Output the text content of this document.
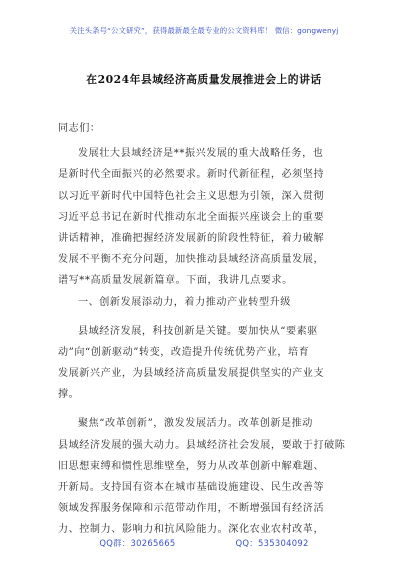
关注头条号“公文研究”，获得最新最全最专业的公文资料库！ 微信：gongwenyj
在2024年县域经济高质量发展推进会上的讲话
同志们：
发展壮大县域经济是**振兴发展的重大战略任务，也
是新时代全面振兴的必然要求。新时代新征程，必须坚持
以习近平新时代中国特色社会主义思想为引领，深入贯彻
习近平总书记在新时代推动东北全面振兴座谈会上的重要
讲话精神，准确把握经济发展新的阶段性特征，着力破解
发展不平衡不充分问题，加快推动县域经济高质量发展，
谱写**高质量发展新篇章。下面，我讲几点要求。
一、创新发展添动力，着力推动产业转型升级
县域经济发展，科技创新是关键。要加快从“要素驱
动”向“创新驱动”转变，改造提升传统优势产业，培育
发展新兴产业，为县域经济高质量发展提供坚实的产业支
撑。
聚焦“改革创新”，激发发展活力。改革创新是推动
县域经济发展的强大动力。县域经济社会发展，要敢于打破陈
旧思想束缚和惯性思维壁垒，努力从改革创新中解难题、
开新局。支持国有资本在城市基础设施建设、民生改善等
领域发挥服务保障和示范带动作用，不断增强国有经济活
力、控制力、影响力和抗风险能力。深化农业农村改革，
QQ群：30265665	QQ：535304092
